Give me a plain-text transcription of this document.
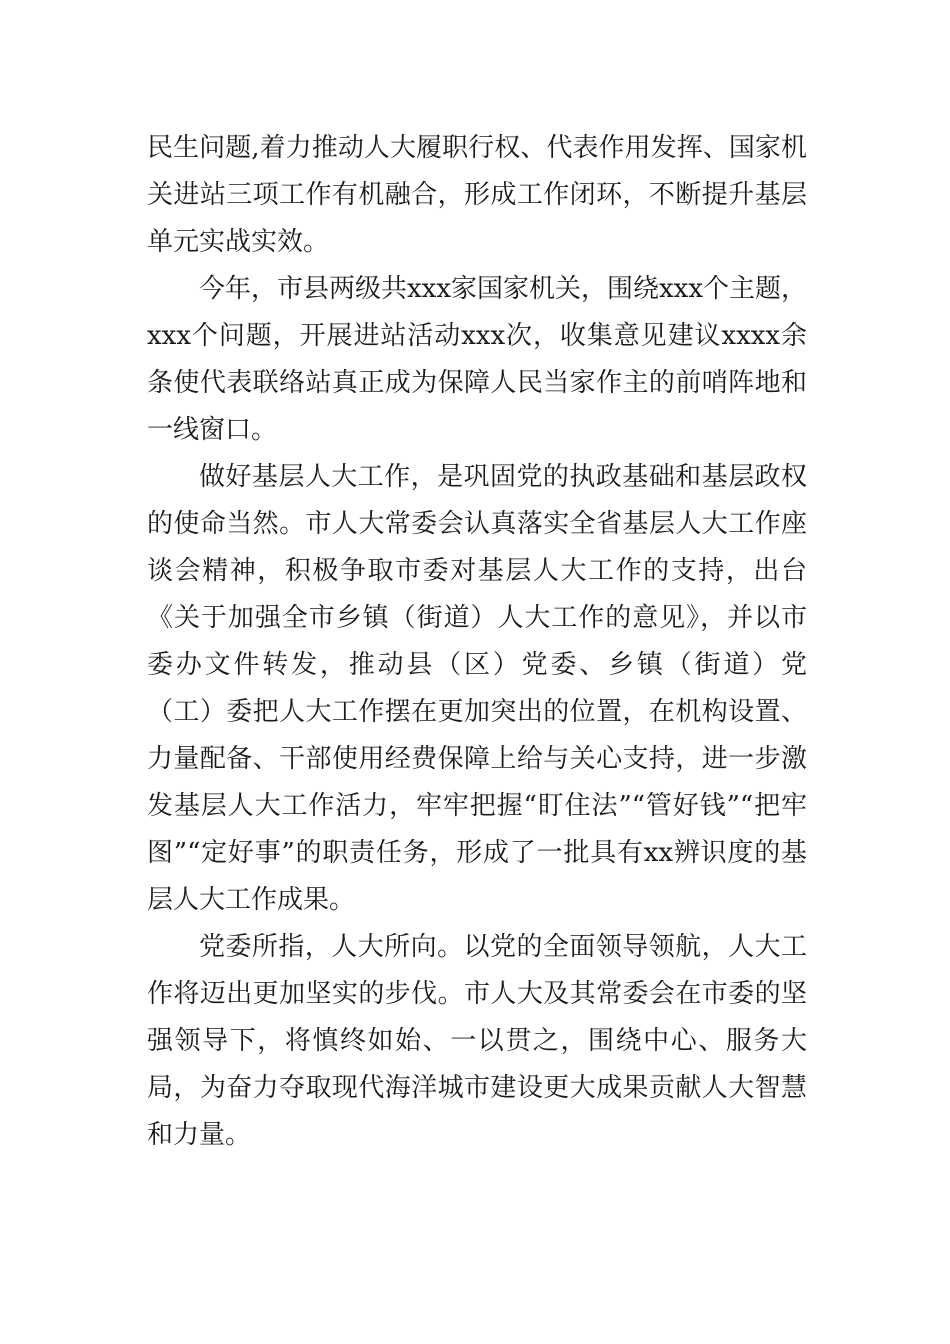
民生问题,着力推动人大履职行权、代表作用发挥、国家机关进站三项工作有机融合，形成工作闭环，不断提升基层单元实战实效。

今年，市县两级共xxx家国家机关，围绕xxx个主题，xxx个问题，开展进站活动xxx次，收集意见建议xxxx余条使代表联络站真正成为保障人民当家作主的前哨阵地和一线窗口。

做好基层人大工作，是巩固党的执政基础和基层政权的使命当然。市人大常委会认真落实全省基层人大工作座谈会精神，积极争取市委对基层人大工作的支持，出台《关于加强全市乡镇（街道）人大工作的意见》，并以市委办文件转发，推动县（区）党委、乡镇（街道）党（工）委把人大工作摆在更加突出的位置，在机构设置、力量配备、干部使用经费保障上给与关心支持，进一步激发基层人大工作活力，牢牢把握“盯住法”“管好钱”“把牢图”“定好事”的职责任务，形成了一批具有xx辨识度的基层人大工作成果。

党委所指，人大所向。以党的全面领导领航，人大工作将迈出更加坚实的步伐。市人大及其常委会在市委的坚强领导下，将慎终如始、一以贯之，围绕中心、服务大局，为奋力夺取现代海洋城市建设更大成果贡献人大智慧和力量。
